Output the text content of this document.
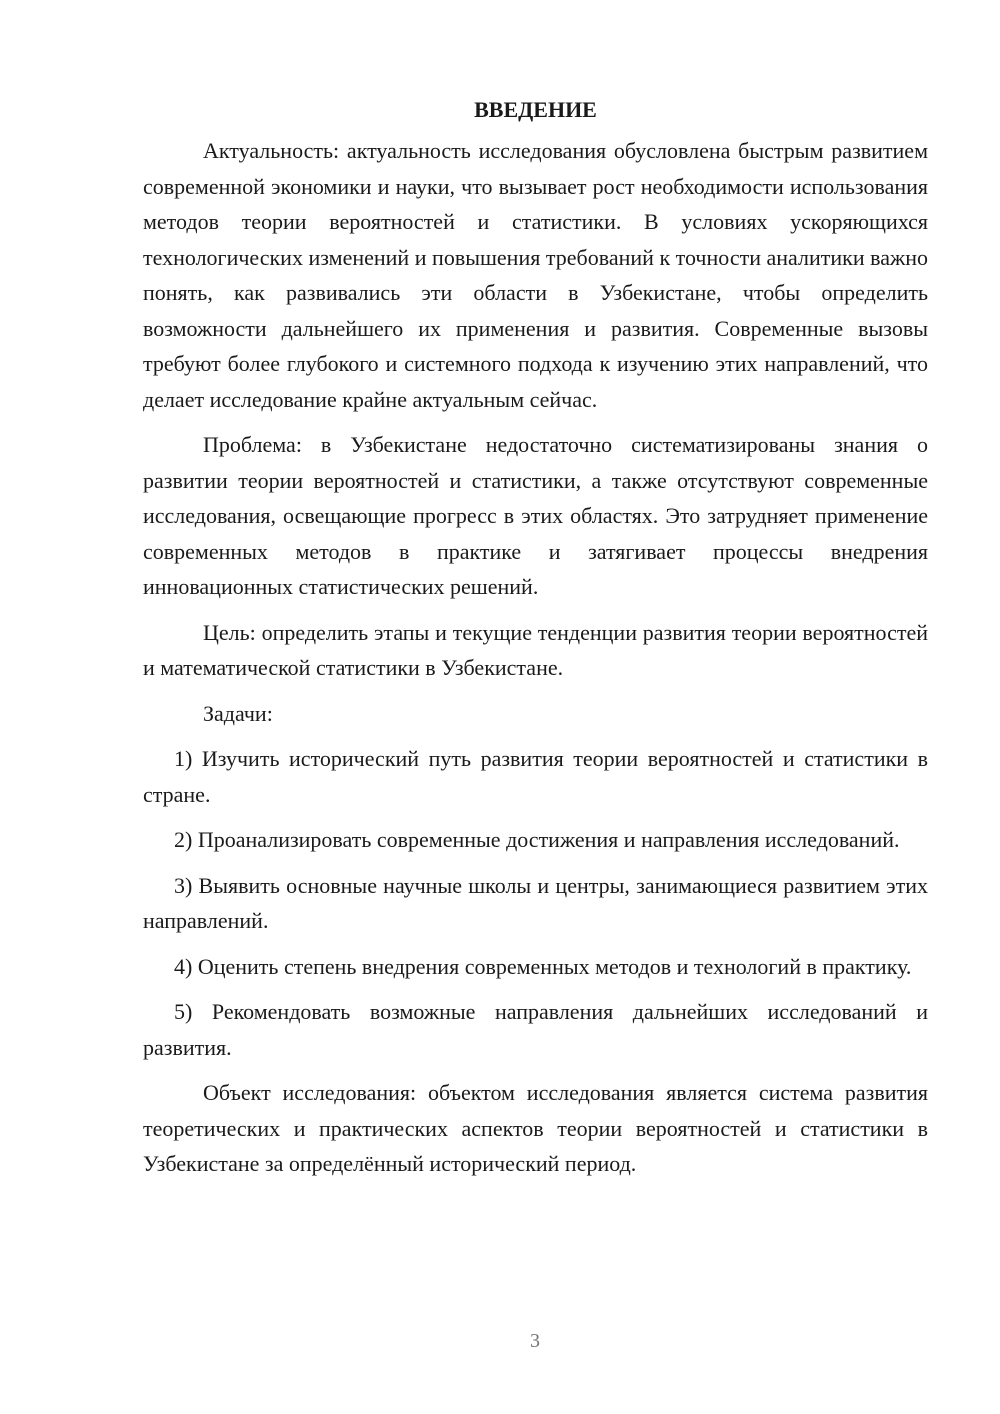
ВВЕДЕНИЕ

Актуальность: актуальность исследования обусловлена быстрым развитием современной экономики и науки, что вызывает рост необходимости использования методов теории вероятностей и статистики. В условиях ускоряющихся технологических изменений и повышения требований к точности аналитики важно понять, как развивались эти области в Узбекистане, чтобы определить возможности дальнейшего их применения и развития. Современные вызовы требуют более глубокого и системного подхода к изучению этих направлений, что делает исследование крайне актуальным сейчас.

Проблема: в Узбекистане недостаточно систематизированы знания о развитии теории вероятностей и статистики, а также отсутствуют современные исследования, освещающие прогресс в этих областях. Это затрудняет применение современных методов в практике и затягивает процессы внедрения инновационных статистических решений.

Цель: определить этапы и текущие тенденции развития теории вероятностей и математической статистики в Узбекистане.

Задачи:

1) Изучить исторический путь развития теории вероятностей и статистики в стране.

2) Проанализировать современные достижения и направления исследований.

3) Выявить основные научные школы и центры, занимающиеся развитием этих направлений.

4) Оценить степень внедрения современных методов и технологий в практику.

5) Рекомендовать возможные направления дальнейших исследований и развития.

Объект исследования: объектом исследования является система развития теоретических и практических аспектов теории вероятностей и статистики в Узбекистане за определённый исторический период.

3
